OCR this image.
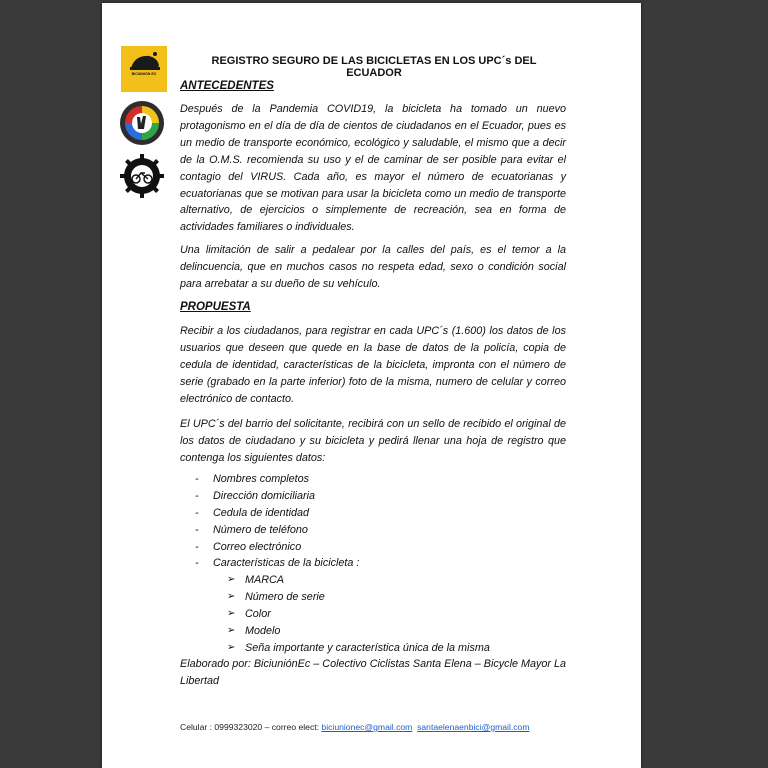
BICIUNIÓN EC
REGISTRO SEGURO DE LAS BICICLETAS EN LOS UPC´s DEL ECUADOR
ANTECEDENTES

Después de la Pandemia COVID19, la bicicleta ha tomado un nuevo protagonismo en el día de día de cientos de ciudadanos en el Ecuador, pues es un medio de transporte económico, ecológico y saludable, el mismo que a decir de la O.M.S. recomienda su uso y el de caminar de ser posible para evitar el contagio del VIRUS. Cada año, es mayor el número de ecuatorianas y ecuatorianas que se motivan para usar la bicicleta como un medio de transporte alternativo, de ejercicios o simplemente de recreación, sea en forma de actividades familiares o individuales.

Una limitación de salir a pedalear por la calles del país, es el temor a la delincuencia, que en muchos casos no respeta edad, sexo o condición social para arrebatar a su dueño de su vehículo.

PROPUESTA

Recibir a los ciudadanos, para registrar en cada UPC´s (1.600) los datos de los usuarios que deseen que quede en la base de datos de la policía, copia de cedula de identidad, características de la bicicleta, impronta con el número de serie (grabado en la parte inferior) foto de la misma, numero de celular y correo electrónico de contacto.

El UPC´s del barrio del solicitante, recibirá con un sello de recibido el original de los datos de ciudadano y su bicicleta y pedirá llenar una hoja de registro que contenga los siguientes datos:

- Nombres completos
- Dirección domiciliaria
- Cedula de identidad
- Número de teléfono
- Correo electrónico
- Características de la bicicleta :
➢ MARCA
➢ Número de serie
➢ Color
➢ Modelo
➢ Seña importante y característica única de la misma

Elaborado por: BiciuniónEc – Colectivo Ciclistas Santa Elena – Bicycle Mayor La Libertad

Celular : 0999323020 – correo elect: biciunionec@gmail.com santaelenaenbici@gmail.com
